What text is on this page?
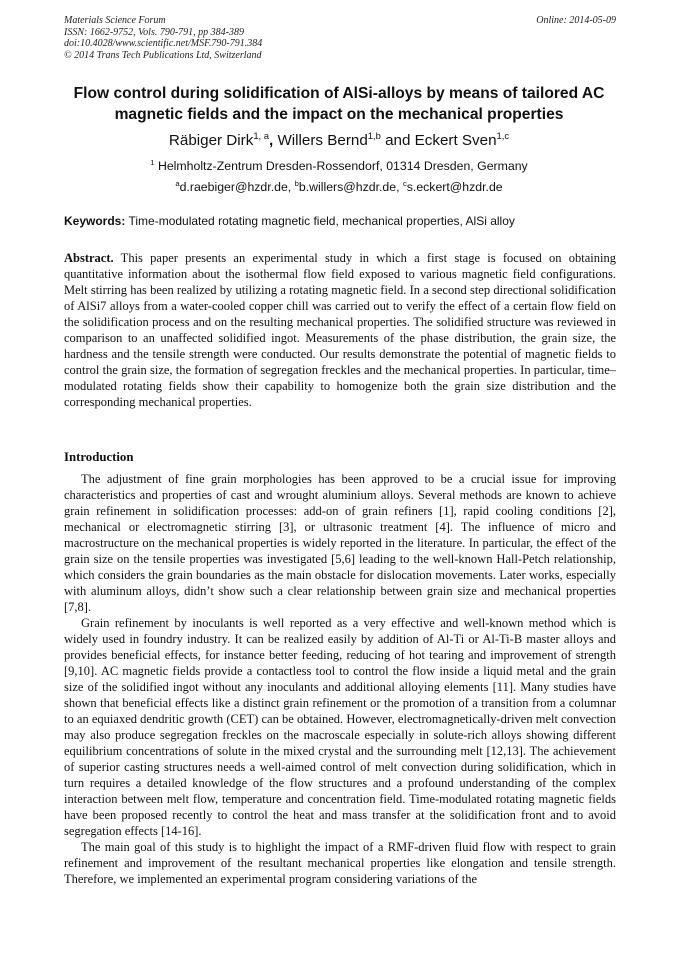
Materials Science Forum
ISSN: 1662-9752, Vols. 790-791, pp 384-389
doi:10.4028/www.scientific.net/MSF.790-791.384
© 2014 Trans Tech Publications Ltd, Switzerland
Online: 2014-05-09
Flow control during solidification of AlSi-alloys by means of tailored AC magnetic fields and the impact on the mechanical properties
Räbiger Dirk$^{1, a}$, Willers Bernd$^{1,b}$ and Eckert Sven$^{1,c}$
$^1$ Helmholtz-Zentrum Dresden-Rossendorf, 01314 Dresden, Germany
$^a$d.raebiger@hzdr.de, $^b$b.willers@hzdr.de, $^c$s.eckert@hzdr.de
Keywords: Time-modulated rotating magnetic field, mechanical properties, AlSi alloy

Abstract. This paper presents an experimental study in which a first stage is focused on obtaining quantitative information about the isothermal flow field exposed to various magnetic field configurations. Melt stirring has been realized by utilizing a rotating magnetic field. In a second step directional solidification of AlSi7 alloys from a water-cooled copper chill was carried out to verify the effect of a certain flow field on the solidification process and on the resulting mechanical properties. The solidified structure was reviewed in comparison to an unaffected solidified ingot. Measurements of the phase distribution, the grain size, the hardness and the tensile strength were conducted. Our results demonstrate the potential of magnetic fields to control the grain size, the formation of segregation freckles and the mechanical properties. In particular, time–modulated rotating fields show their capability to homogenize both the grain size distribution and the corresponding mechanical properties.

Introduction

The adjustment of fine grain morphologies has been approved to be a crucial issue for improving characteristics and properties of cast and wrought aluminium alloys. Several methods are known to achieve grain refinement in solidification processes: add-on of grain refiners [1], rapid cooling conditions [2], mechanical or electromagnetic stirring [3], or ultrasonic treatment [4]. The influence of micro and macrostructure on the mechanical properties is widely reported in the literature. In particular, the effect of the grain size on the tensile properties was investigated [5,6] leading to the well-known Hall-Petch relationship, which considers the grain boundaries as the main obstacle for dislocation movements. Later works, especially with aluminum alloys, didn’t show such a clear relationship between grain size and mechanical properties [7,8].

Grain refinement by inoculants is well reported as a very effective and well-known method which is widely used in foundry industry. It can be realized easily by addition of Al-Ti or Al-Ti-B master alloys and provides beneficial effects, for instance better feeding, reducing of hot tearing and improvement of strength [9,10]. AC magnetic fields provide a contactless tool to control the flow inside a liquid metal and the grain size of the solidified ingot without any inoculants and additional alloying elements [11]. Many studies have shown that beneficial effects like a distinct grain refinement or the promotion of a transition from a columnar to an equiaxed dendritic growth (CET) can be obtained. However, electromagnetically-driven melt convection may also produce segregation freckles on the macroscale especially in solute-rich alloys showing different equilibrium concentrations of solute in the mixed crystal and the surrounding melt [12,13]. The achievement of superior casting structures needs a well-aimed control of melt convection during solidification, which in turn requires a detailed knowledge of the flow structures and a profound understanding of the complex interaction between melt flow, temperature and concentration field. Time-modulated rotating magnetic fields have been proposed recently to control the heat and mass transfer at the solidification front and to avoid segregation effects [14-16].

The main goal of this study is to highlight the impact of a RMF-driven fluid flow with respect to grain refinement and improvement of the resultant mechanical properties like elongation and tensile strength. Therefore, we implemented an experimental program considering variations of the
